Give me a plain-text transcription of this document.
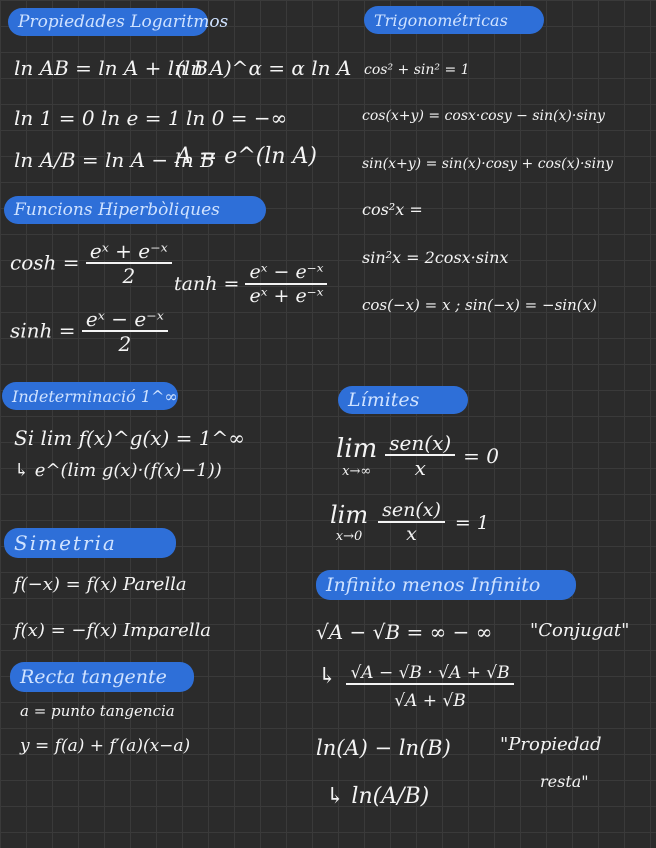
Propiedades Logaritmos
ln AB = ln A + ln B
(ln A)^α = α ln A
ln 1 = 0 ln e = 1 ln 0 = −∞
ln A/B = ln A − ln B
A = e^(ln A)
Funcions Hiperbòliques
$\cosh = \frac{\text{eˣ + e⁻ˣ}}{2}$ $\tanh = \frac{\text{eˣ − e⁻ˣ}}{\text{eˣ + e⁻ˣ}}$
$\sinh = \frac{\text{eˣ − e⁻ˣ}}{2}$
Indeterminació 1^∞
Si lim f(x)^g(x) = 1^∞
↳ e^(lim g(x)·(f(x)−1))
Simetria
f(−x) = f(x) Parella
f(x) = −f(x) Imparella
Recta tangente
a = punto tangencia
y = f(a) + f′(a)(x−a)
Trigonométricas
cos² + sin² = 1
cos(x+y) = cosx·cosy − sin(x)·siny
sin(x+y) = sin(x)·cosy + cos(x)·siny
cos²x =
sin²x = 2cosx·sinx
cos(−x) = x ; sin(−x) = −sin(x)
Límites
lim
$x\to\infty \frac{\text{sen(x)}}{x} = 0$
lim
$x\to 0 \frac{\text{sen(x)}}{x} = 1$
Infinito menos Infinito
√A − √B = ∞ − ∞ "Conjugat"
↳ $\frac{√A - √B \cdot √A + √B}{√A + √B}$
ln(A) − ln(B)	"Propiedad
resta"
↳ ln(A/B)
